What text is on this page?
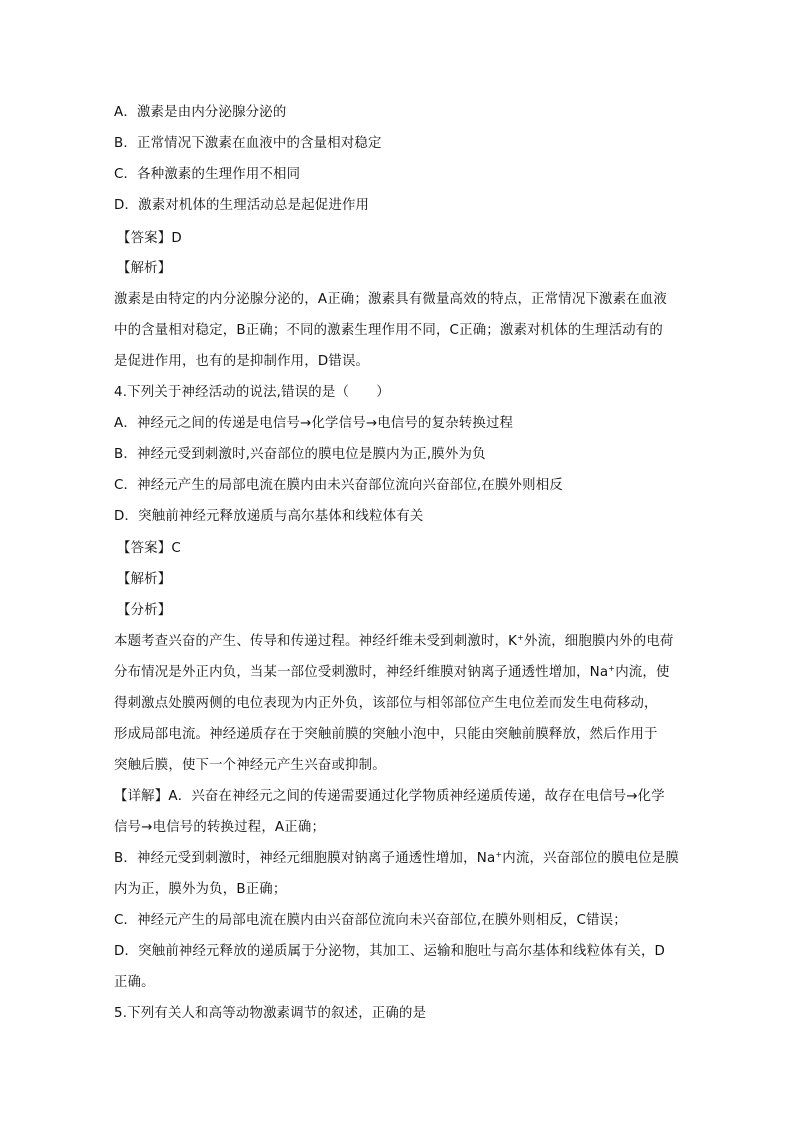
A．激素是由内分泌腺分泌的
B．正常情况下激素在血液中的含量相对稳定
C．各种激素的生理作用不相同
D．激素对机体的生理活动总是起促进作用
【答案】D
【解析】
激素是由特定的内分泌腺分泌的，A正确；激素具有微量高效的特点，正常情况下激素在血液
中的含量相对稳定，B正确；不同的激素生理作用不同，C正确；激素对机体的生理活动有的
是促进作用，也有的是抑制作用，D错误。
4.下列关于神经活动的说法,错误的是（　　）
A．神经元之间的传递是电信号→化学信号→电信号的复杂转换过程
B．神经元受到刺激时,兴奋部位的膜电位是膜内为正,膜外为负
C．神经元产生的局部电流在膜内由未兴奋部位流向兴奋部位,在膜外则相反
D．突触前神经元释放递质与高尔基体和线粒体有关
【答案】C
【解析】
【分析】
本题考查兴奋的产生、传导和传递过程。神经纤维未受到刺激时，K+外流，细胞膜内外的电荷
分布情况是外正内负，当某一部位受刺激时，神经纤维膜对钠离子通透性增加，Na+内流，使
得刺激点处膜两侧的电位表现为内正外负，该部位与相邻部位产生电位差而发生电荷移动，
形成局部电流。神经递质存在于突触前膜的突触小泡中，只能由突触前膜释放，然后作用于
突触后膜，使下一个神经元产生兴奋或抑制。
【详解】A．兴奋在神经元之间的传递需要通过化学物质神经递质传递，故存在电信号→化学
信号→电信号的转换过程，A正确；
B．神经元受到刺激时，神经元细胞膜对钠离子通透性增加，Na+内流，兴奋部位的膜电位是膜
内为正，膜外为负，B正确；
C．神经元产生的局部电流在膜内由兴奋部位流向未兴奋部位,在膜外则相反，C错误；
D．突触前神经元释放的递质属于分泌物，其加工、运输和胞吐与高尔基体和线粒体有关，D
正确。
5.下列有关人和高等动物激素调节的叙述，正确的是
